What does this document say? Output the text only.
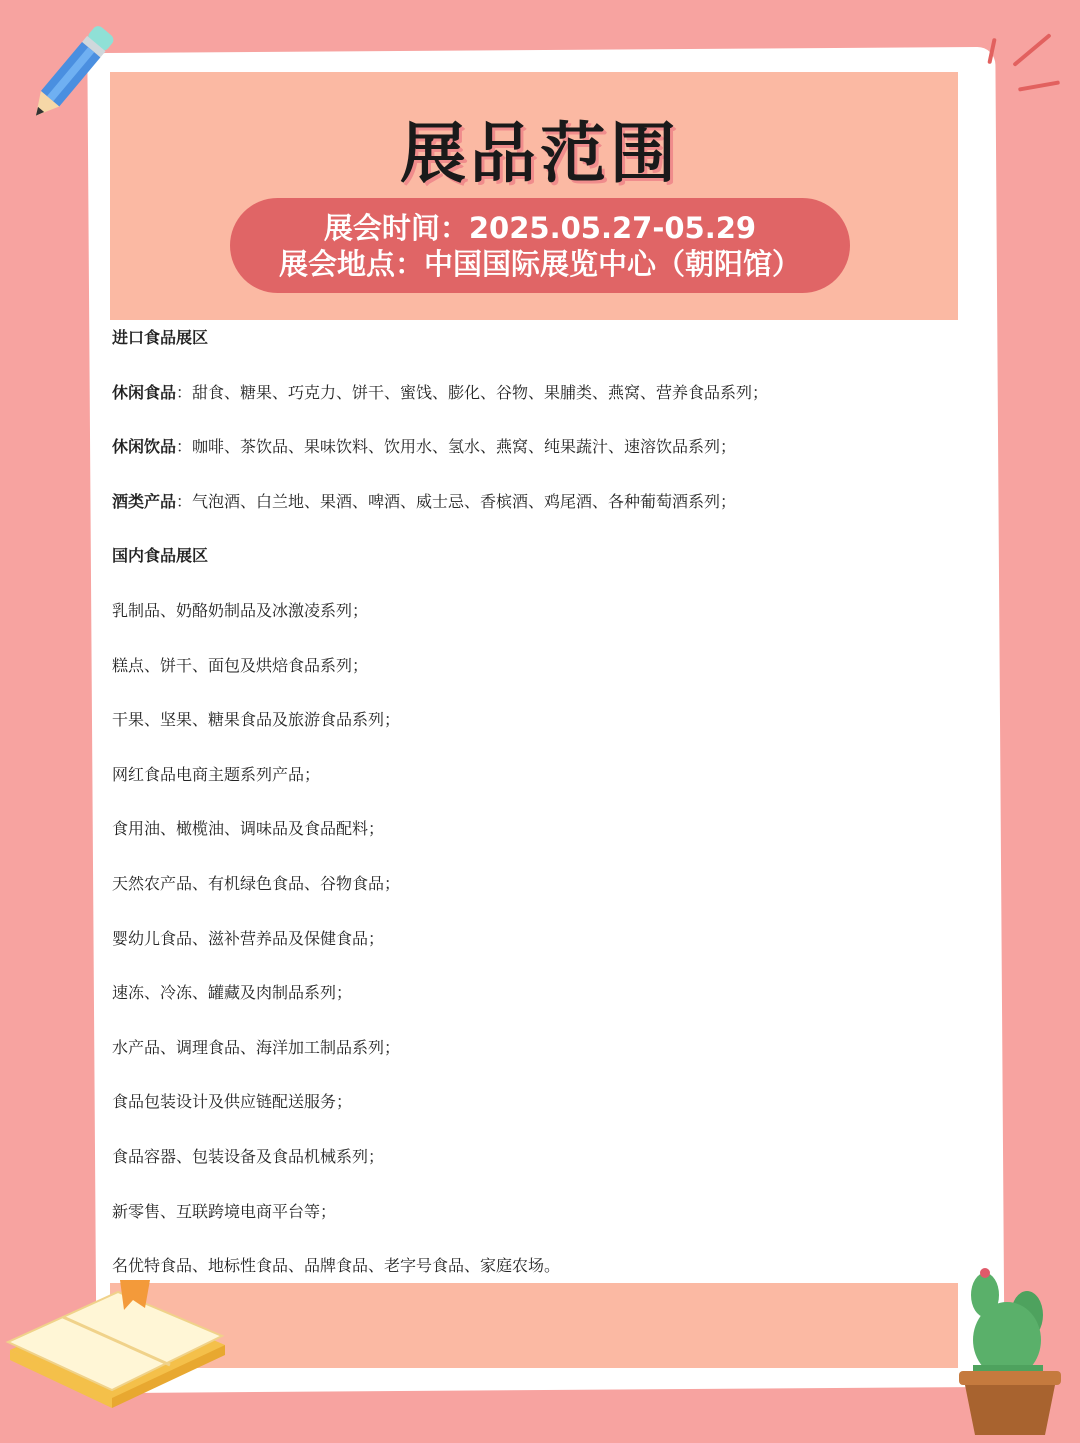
展品范围
展会时间：2025.05.27-05.29
展会地点：中国国际展览中心（朝阳馆）
进口食品展区
休闲食品：甜食、糖果、巧克力、饼干、蜜饯、膨化、谷物、果脯类、燕窝、营养食品系列；
休闲饮品：咖啡、茶饮品、果味饮料、饮用水、氢水、燕窝、纯果蔬汁、速溶饮品系列；
酒类产品：气泡酒、白兰地、果酒、啤酒、威士忌、香槟酒、鸡尾酒、各种葡萄酒系列；
国内食品展区
乳制品、奶酪奶制品及冰激凌系列；
糕点、饼干、面包及烘焙食品系列；
干果、坚果、糖果食品及旅游食品系列；
网红食品电商主题系列产品；
食用油、橄榄油、调味品及食品配料；
天然农产品、有机绿色食品、谷物食品；
婴幼儿食品、滋补营养品及保健食品；
速冻、冷冻、罐藏及肉制品系列；
水产品、调理食品、海洋加工制品系列；
食品包装设计及供应链配送服务；
食品容器、包装设备及食品机械系列；
新零售、互联跨境电商平台等；
名优特食品、地标性食品、品牌食品、老字号食品、家庭农场。
